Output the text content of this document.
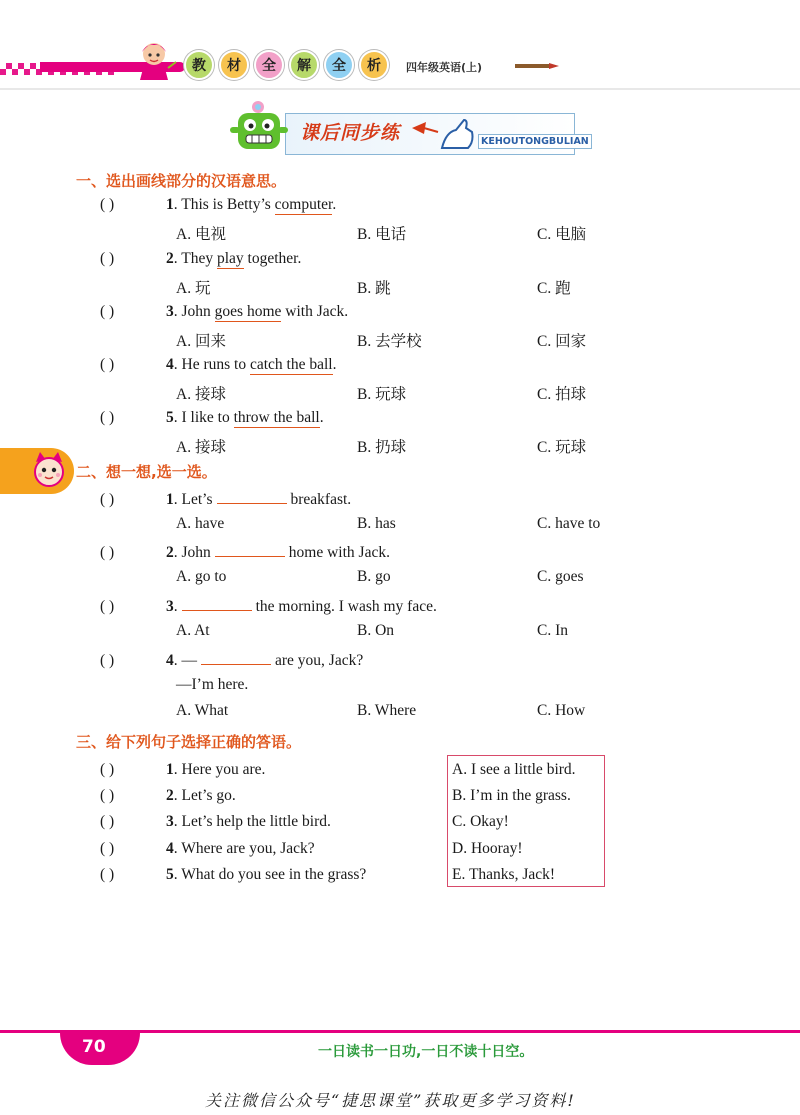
教	材	全	解	全	析	四年级英语(上)
课后同步练	KEHOUTONGBULIAN
一、选出画线部分的汉语意思。
( )	1. This is Betty’s computer.
A. 电视	B. 电话	C. 电脑
( )	2. They play together.
A. 玩	B. 跳	C. 跑
( )	3. John goes home with Jack.
A. 回来	B. 去学校	C. 回家
( )	4. He runs to catch the ball.
A. 接球	B. 玩球	C. 拍球
( )	5. I like to throw the ball.
A. 接球	B. 扔球	C. 玩球
二、想一想,选一选。
( )	1. Let’s	breakfast.
A. have	B. has	C. have to
( )	2. John	home with Jack.
A. go to	B. go	C. goes
( )	3.	the morning. I wash my face.
A. At	B. On	C. In
( )	4. —	are you, Jack?
—I’m here.
A. What	B. Where	C. How
三、给下列句子选择正确的答语。
( )	1. Here you are.
( )	2. Let’s go.
( )	3. Let’s help the little bird.
( )	4. Where are you, Jack?
( )	5. What do you see in the grass?
A. I see a little bird.
B. I’m in the grass.
C. Okay!
D. Hooray!
E. Thanks, Jack!
70	一日读书一日功,一日不读十日空。
关注微信公众号“捷思课堂”获取更多学习资料!
